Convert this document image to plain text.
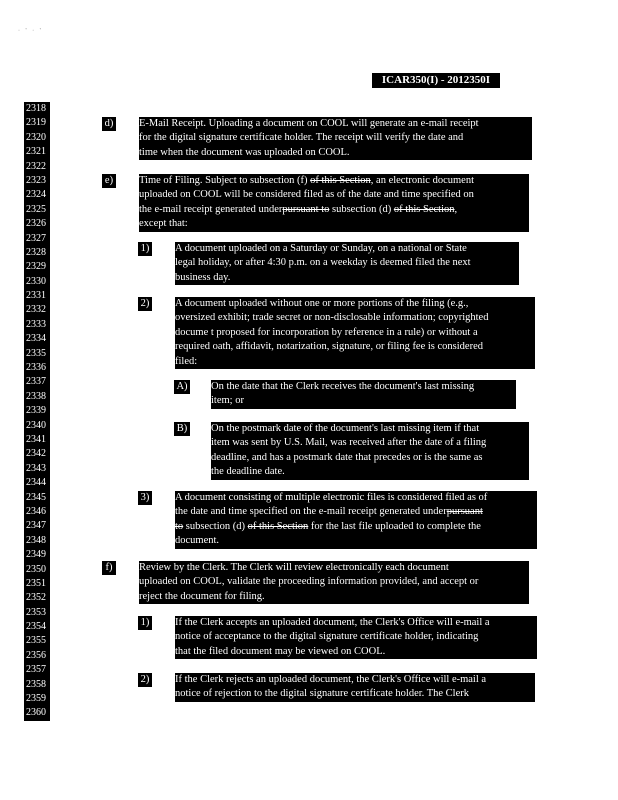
· ' · '
ICAR350(I) - 2012350I
2318
2319
2320
2321
2322
2323
2324
2325
2326
2327
2328
2329
2330
2331
2332
2333
2334
2335
2336
2337
2338
2339
2340
2341
2342
2343
2344
2345
2346
2347
2348
2349
2350
2351
2352
2353
2354
2355
2356
2357
2358
2359
2360
d) E-Mail Receipt. Uploading a document on COOL will generate an e-mail receipt
for the digital signature certificate holder. The receipt will verify the date and
time when the document was uploaded on COOL.
e) Time of Filing. Subject to subsection (f) of this Section, an electronic document
uploaded on COOL will be considered filed as of the date and time specified on
the e-mail receipt generated underpursuant to subsection (d) of this Section,
except that:
1) A document uploaded on a Saturday or Sunday, on a national or State
legal holiday, or after 4:30 p.m. on a weekday is deemed filed the next
business day.
2) A document uploaded without one or more portions of the filing (e.g.,
oversized exhibit; trade secret or non-disclosable information; copyrighted
docume t proposed for incorporation by reference in a rule) or without a
required oath, affidavit, notarization, signature, or filing fee is considered
filed:
A) On the date that the Clerk receives the document's last missing
item; or
B) On the postmark date of the document's last missing item if that
item was sent by U.S. Mail, was received after the date of a filing
deadline, and has a postmark date that precedes or is the same as
the deadline date.
3) A document consisting of multiple electronic files is considered filed as of
the date and time specified on the e-mail receipt generated underpursuant
to subsection (d) of this Section for the last file uploaded to complete the
document.
f)	Review by the Clerk. The Clerk will review electronically each document
uploaded on COOL, validate the proceeding information provided, and accept or
reject the document for filing.
1) If the Clerk accepts an uploaded document, the Clerk's Office will e-mail a
notice of acceptance to the digital signature certificate holder, indicating
that the filed document may be viewed on COOL.
2) If the Clerk rejects an uploaded document, the Clerk's Office will e-mail a
notice of rejection to the digital signature certificate holder. The Clerk
